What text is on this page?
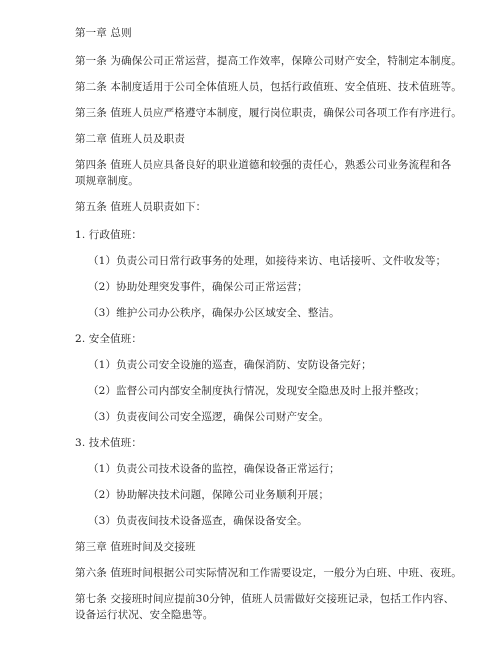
第一章 总则
第一条 为确保公司正常运营，提高工作效率，保障公司财产安全，特制定本制度。
第二条 本制度适用于公司全体值班人员，包括行政值班、安全值班、技术值班等。
第三条 值班人员应严格遵守本制度，履行岗位职责，确保公司各项工作有序进行。
第二章 值班人员及职责
第四条 值班人员应具备良好的职业道德和较强的责任心，熟悉公司业务流程和各
项规章制度。
第五条 值班人员职责如下：
1. 行政值班：
（1）负责公司日常行政事务的处理，如接待来访、电话接听、文件收发等；
（2）协助处理突发事件，确保公司正常运营；
（3）维护公司办公秩序，确保办公区域安全、整洁。
2. 安全值班：
（1）负责公司安全设施的巡查，确保消防、安防设备完好；
（2）监督公司内部安全制度执行情况，发现安全隐患及时上报并整改；
（3）负责夜间公司安全巡逻，确保公司财产安全。
3. 技术值班：
（1）负责公司技术设备的监控，确保设备正常运行；
（2）协助解决技术问题，保障公司业务顺利开展；
（3）负责夜间技术设备巡查，确保设备安全。
第三章 值班时间及交接班
第六条 值班时间根据公司实际情况和工作需要设定，一般分为白班、中班、夜班。
第七条 交接班时间应提前30分钟，值班人员需做好交接班记录，包括工作内容、
设备运行状况、安全隐患等。
